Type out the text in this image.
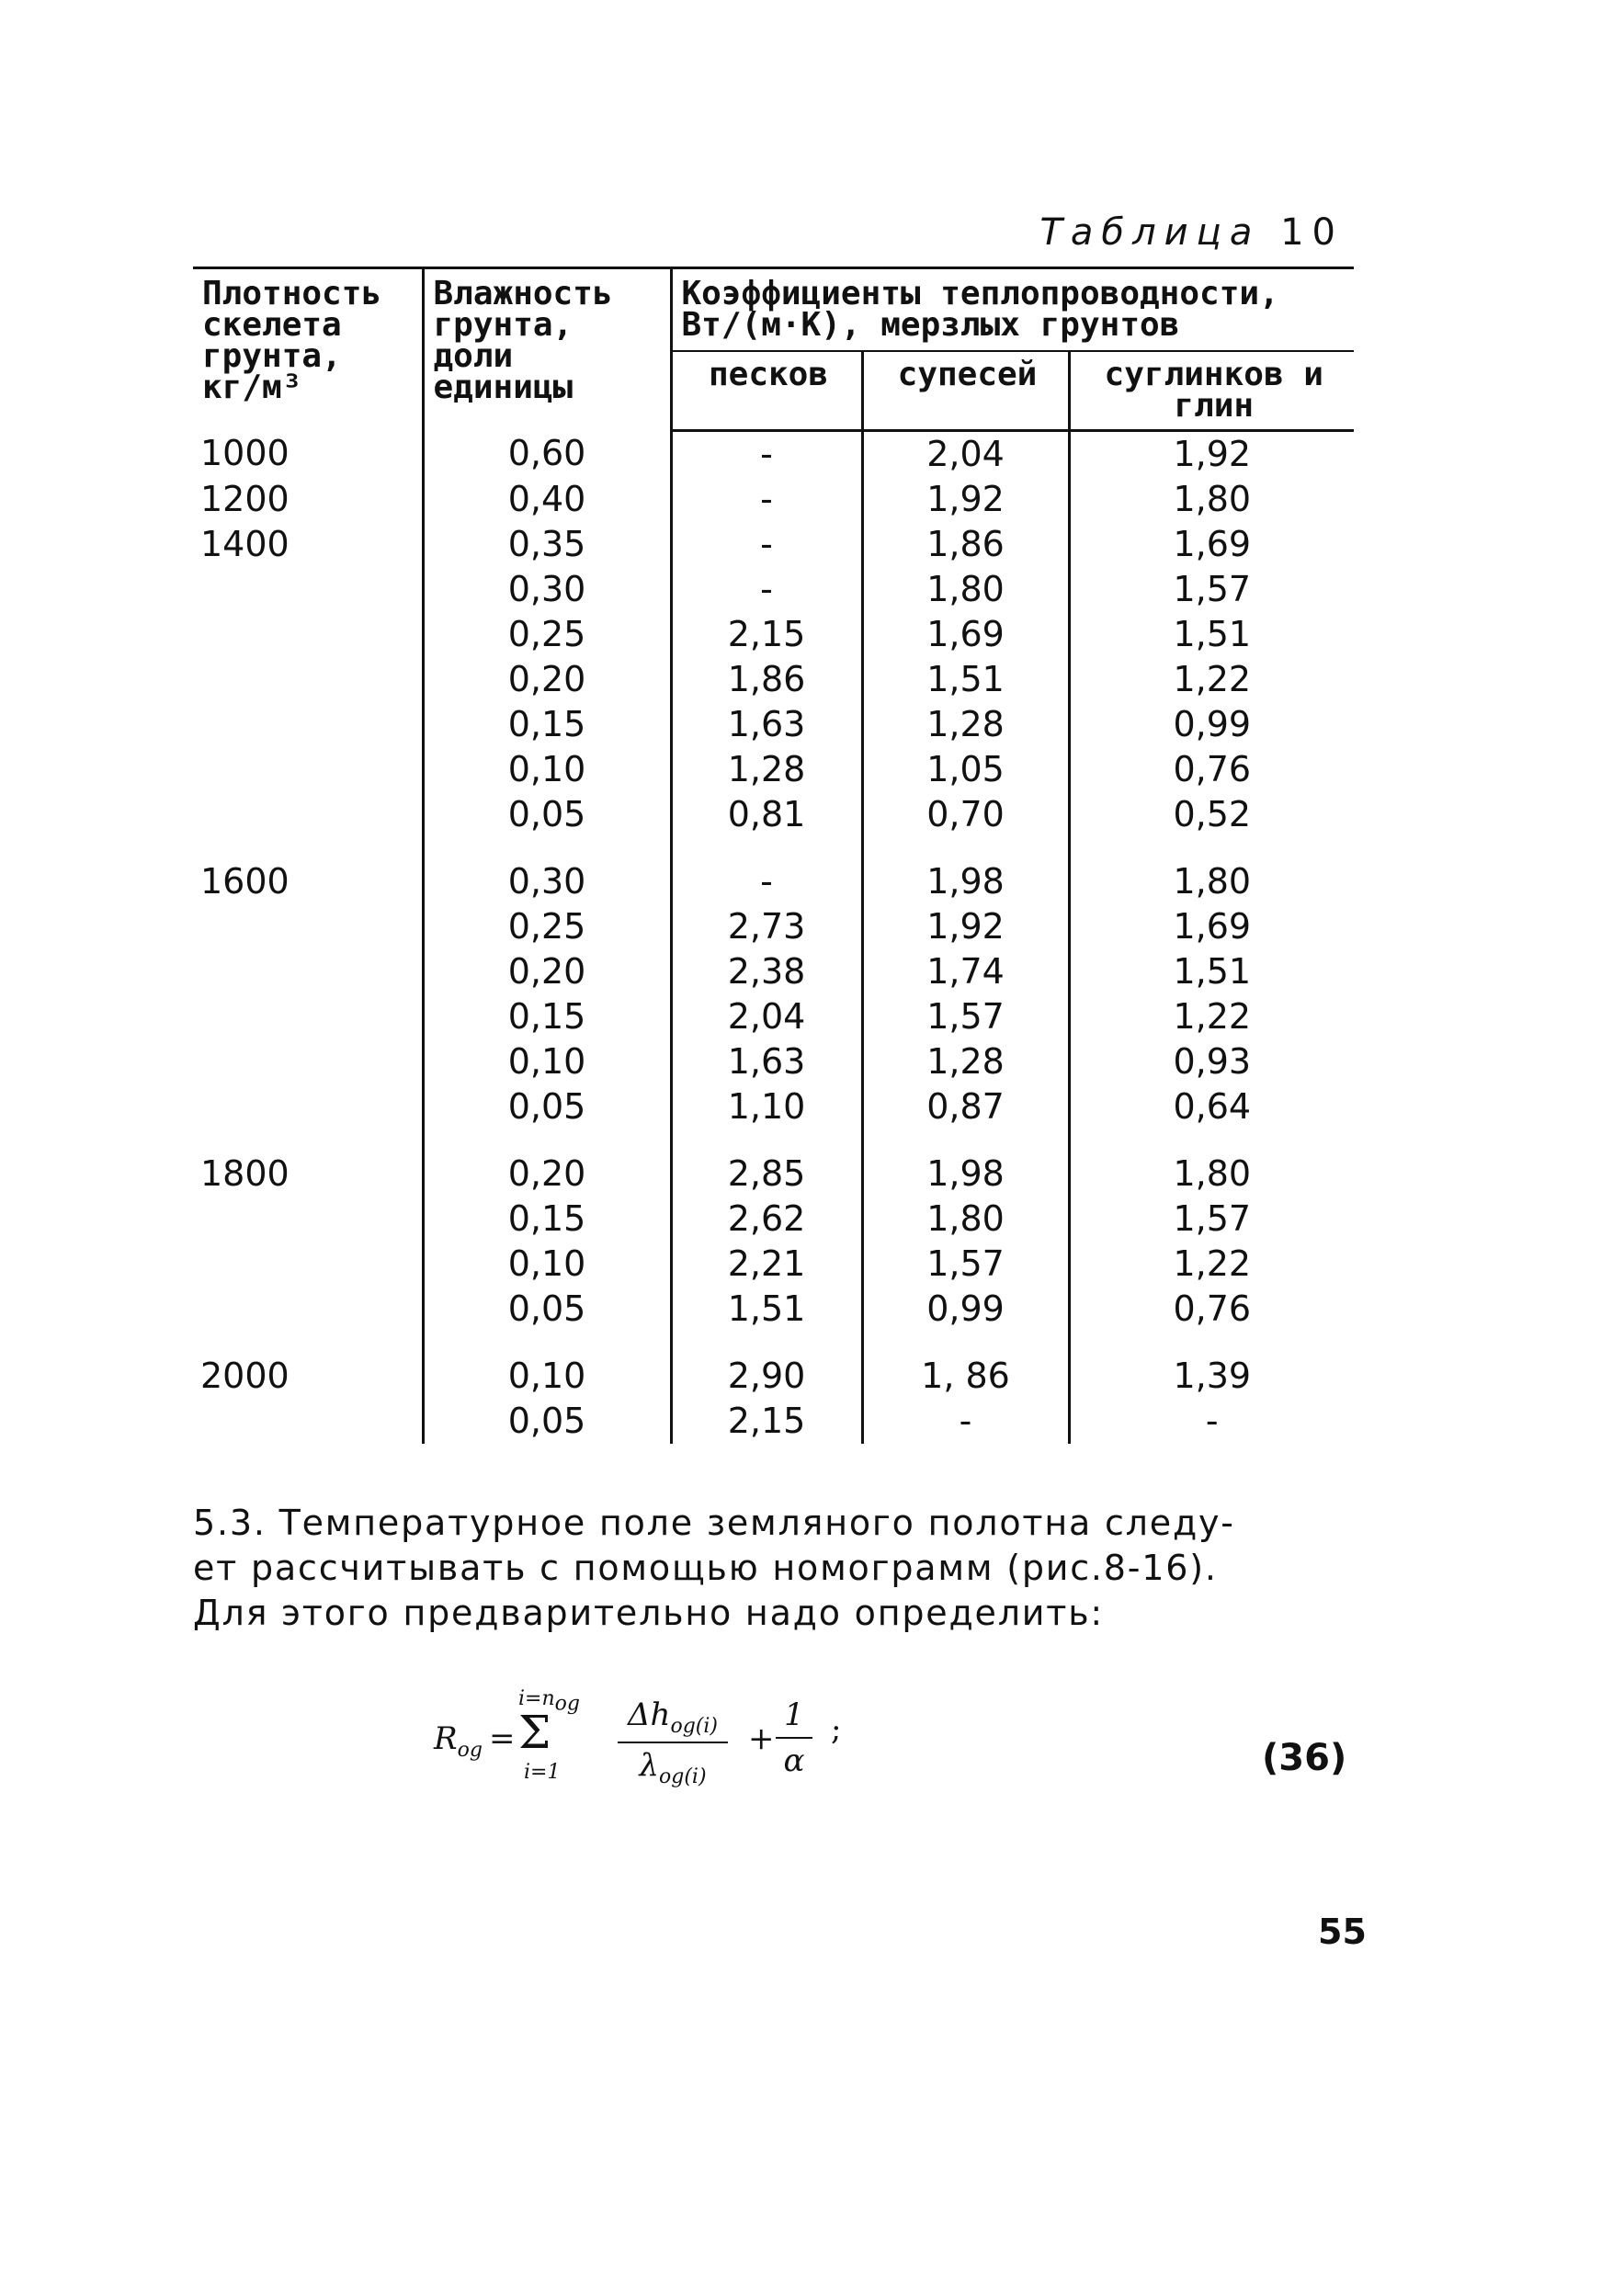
Таблица 10
Плотность скелета грунта, кг/м³	Влажность грунта, доли единицы	Коэффициенты теплопроводности, Вт/(м·К), мерзлых грунтов		
		песков	супесей	суглинков и глин
1000	0,60	-	2,04	1,92
1200	0,40	-	1,92	1,80
1400	0,35	-	1,86	1,69
	0,30	-	1,80	1,57
	0,25	2,15	1,69	1,51
	0,20	1,86	1,51	1,22
	0,15	1,63	1,28	0,99
	0,10	1,28	1,05	0,76
	0,05	0,81	0,70	0,52
1600	0,30	-	1,98	1,80
	0,25	2,73	1,92	1,69
	0,20	2,38	1,74	1,51
	0,15	2,04	1,57	1,22
	0,10	1,63	1,28	0,93
	0,05	1,10	0,87	0,64
1800	0,20	2,85	1,98	1,80
	0,15	2,62	1,80	1,57
	0,10	2,21	1,57	1,22
	0,05	1,51	0,99	0,76
2000	0,10	2,90	1, 86	1,39
	0,05	2,15	-	-

5.3. Температурное поле земляного полотна следу-
ет рассчитывать с помощью номограмм (рис.8-16).
Для этого предварительно надо определить:

$R_{og}$ =
$i=n_{og}$
Σ
i=1
$\Delta h_{og(i)}$
$\lambda_{og(i)}$
+
1
α
;
(36)
55
